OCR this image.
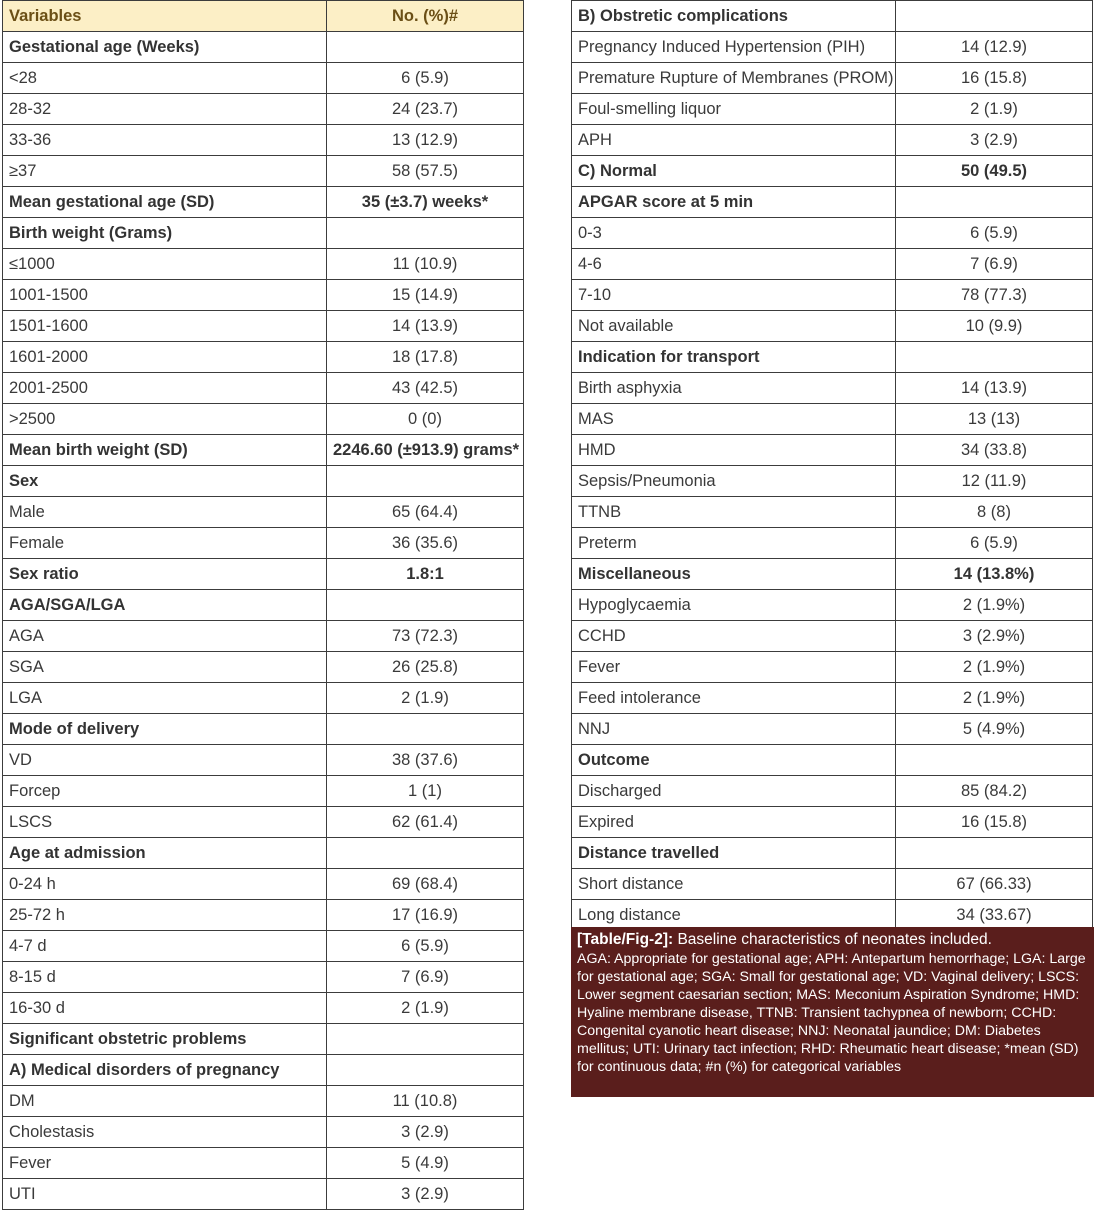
Variables	No. (%)#
Gestational age (Weeks)	
<28	6 (5.9)
28-32	24 (23.7)
33-36	13 (12.9)
≥37	58 (57.5)
Mean gestational age (SD)	35 (±3.7) weeks*
Birth weight (Grams)	
≤1000	11 (10.9)
1001-1500	15 (14.9)
1501-1600	14 (13.9)
1601-2000	18 (17.8)
2001-2500	43 (42.5)
>2500	0 (0)
Mean birth weight (SD)	2246.60 (±913.9) grams*
Sex	
Male	65 (64.4)
Female	36 (35.6)
Sex ratio	1.8:1
AGA/SGA/LGA	
AGA	73 (72.3)
SGA	26 (25.8)
LGA	2 (1.9)
Mode of delivery	
VD	38 (37.6)
Forcep	1 (1)
LSCS	62 (61.4)
Age at admission	
0-24 h	69 (68.4)
25-72 h	17 (16.9)
4-7 d	6 (5.9)
8-15 d	7 (6.9)
16-30 d	2 (1.9)
Significant obstetric problems	
A) Medical disorders of pregnancy	
DM	11 (10.8)
Cholestasis	3 (2.9)
Fever	5 (4.9)
UTI	3 (2.9)
B) Obstretic complications	
Pregnancy Induced Hypertension (PIH)	14 (12.9)
Premature Rupture of Membranes (PROM)	16 (15.8)
Foul-smelling liquor	2 (1.9)
APH	3 (2.9)
C) Normal	50 (49.5)
APGAR score at 5 min	
0-3	6 (5.9)
4-6	7 (6.9)
7-10	78 (77.3)
Not available	10 (9.9)
Indication for transport	
Birth asphyxia	14 (13.9)
MAS	13 (13)
HMD	34 (33.8)
Sepsis/Pneumonia	12 (11.9)
TTNB	8 (8)
Preterm	6 (5.9)
Miscellaneous	14 (13.8%)
Hypoglycaemia	2 (1.9%)
CCHD	3 (2.9%)
Fever	2 (1.9%)
Feed intolerance	2 (1.9%)
NNJ	5 (4.9%)
Outcome	
Discharged	85 (84.2)
Expired	16 (15.8)
Distance travelled	
Short distance	67 (66.33)
Long distance	34 (33.67)
[Table/Fig-2]: Baseline characteristics of neonates included.
AGA: Appropriate for gestational age; APH: Antepartum hemorrhage; LGA: Large for gestational age; SGA: Small for gestational age; VD: Vaginal delivery; LSCS: Lower segment caesarian section; MAS: Meconium Aspiration Syndrome; HMD: Hyaline membrane disease, TTNB: Transient tachypnea of newborn; CCHD: Congenital cyanotic heart disease; NNJ: Neonatal jaundice; DM: Diabetes mellitus; UTI: Urinary tact infection; RHD: Rheumatic heart disease; *mean (SD) for continuous data; #n (%) for categorical variables
